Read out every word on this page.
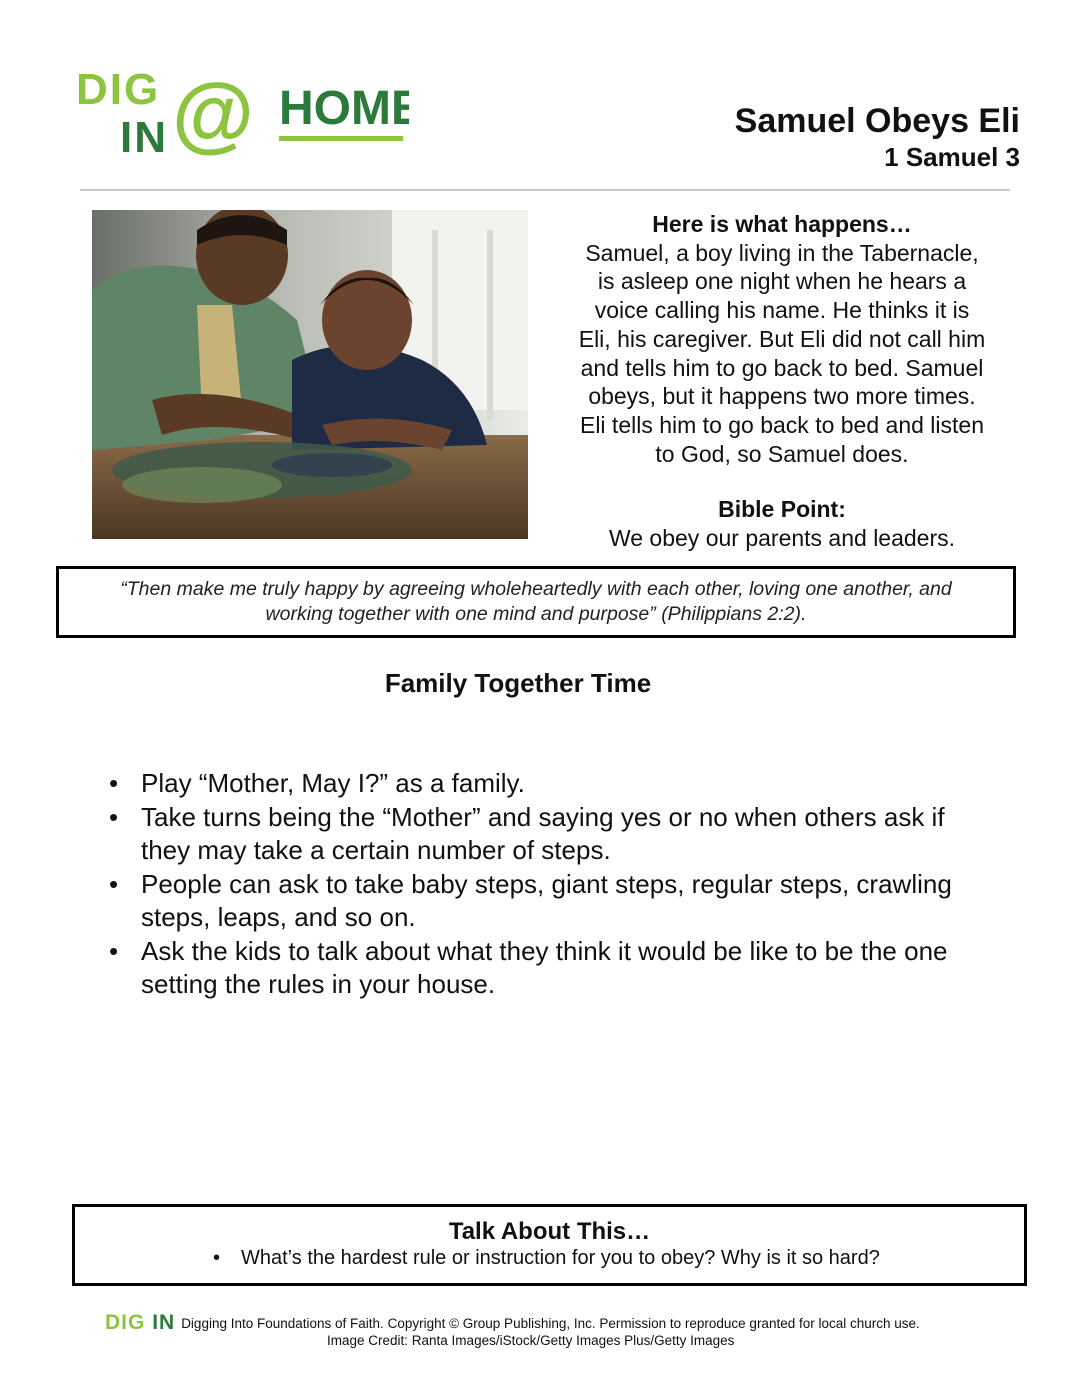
DIG
IN @ HOME	Samuel Obeys Eli
1 Samuel 3
Here is what happens…
Samuel, a boy living in the Tabernacle,
is asleep one night when he hears a
voice calling his name. He thinks it is
Eli, his caregiver. But Eli did not call him
and tells him to go back to bed. Samuel
obeys, but it happens two more times.
Eli tells him to go back to bed and listen
to God, so Samuel does.
Bible Point:
We obey our parents and leaders.
“Then make me truly happy by agreeing wholeheartedly with each other, loving one another, and
working together with one mind and purpose” (Philippians 2:2).
Family Together Time
• Play “Mother, May I?” as a family.
• Take turns being the “Mother” and saying yes or no when others ask if they may take a certain number of steps.
• People can ask to take baby steps, giant steps, regular steps, crawling steps, leaps, and so on.
• Ask the kids to talk about what they think it would be like to be the one setting the rules in your house.
Talk About This…
• What’s the hardest rule or instruction for you to obey? Why is it so hard?
DIG IN Digging Into Foundations of Faith. Copyright © Group Publishing, Inc. Permission to reproduce granted for local church use.
Image Credit: Ranta Images/iStock/Getty Images Plus/Getty Images
